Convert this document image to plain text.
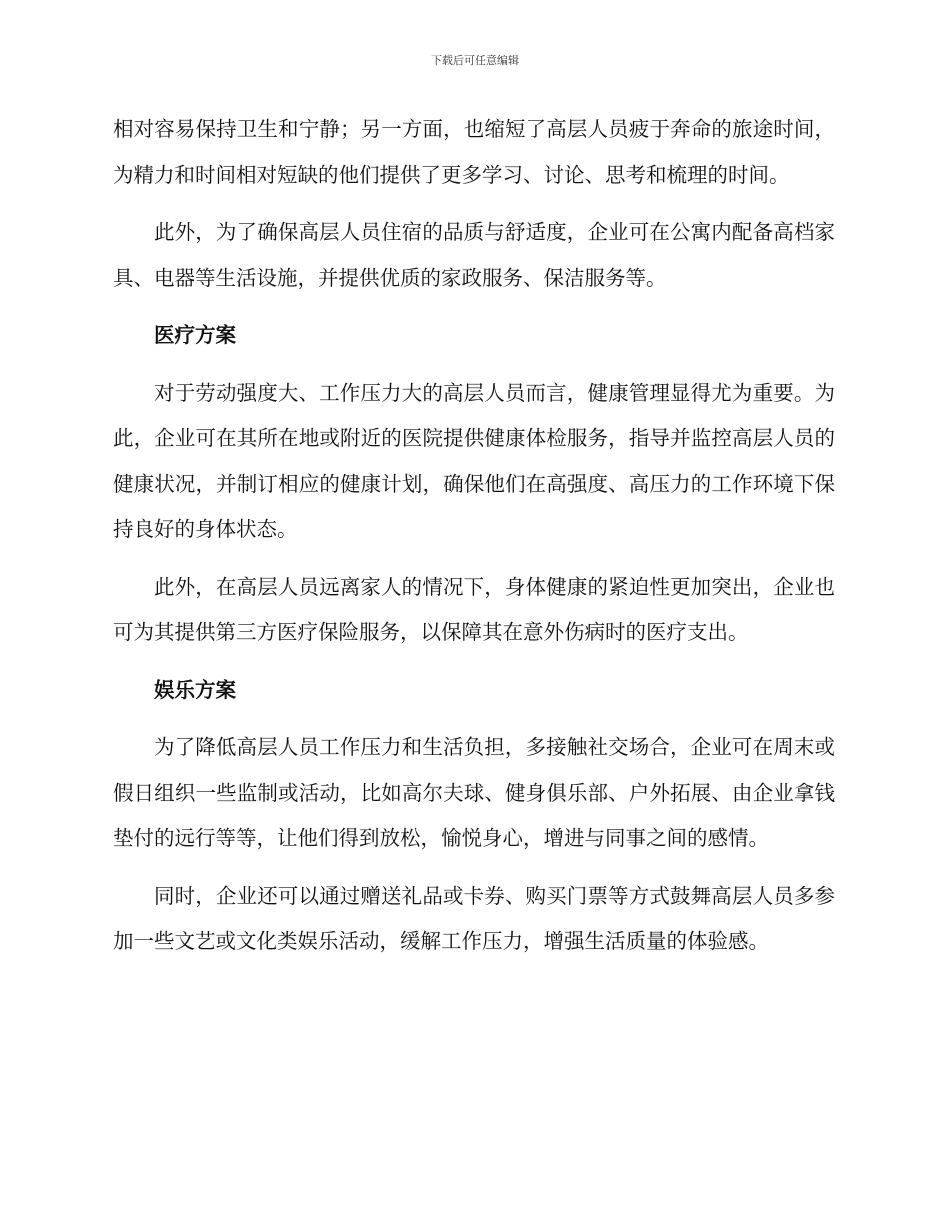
下载后可任意编辑

相对容易保持卫生和宁静；另一方面，也缩短了高层人员疲于奔命的旅途时间，为精力和时间相对短缺的他们提供了更多学习、讨论、思考和梳理的时间。

此外，为了确保高层人员住宿的品质与舒适度，企业可在公寓内配备高档家具、电器等生活设施，并提供优质的家政服务、保洁服务等。

医疗方案

对于劳动强度大、工作压力大的高层人员而言，健康管理显得尤为重要。为此，企业可在其所在地或附近的医院提供健康体检服务，指导并监控高层人员的健康状况，并制订相应的健康计划，确保他们在高强度、高压力的工作环境下保持良好的身体状态。

此外，在高层人员远离家人的情况下，身体健康的紧迫性更加突出，企业也可为其提供第三方医疗保险服务，以保障其在意外伤病时的医疗支出。

娱乐方案

为了降低高层人员工作压力和生活负担，多接触社交场合，企业可在周末或假日组织一些监制或活动，比如高尔夫球、健身俱乐部、户外拓展、由企业拿钱垫付的远行等等，让他们得到放松，愉悦身心，增进与同事之间的感情。

同时，企业还可以通过赠送礼品或卡券、购买门票等方式鼓舞高层人员多参加一些文艺或文化类娱乐活动，缓解工作压力，增强生活质量的体验感。
